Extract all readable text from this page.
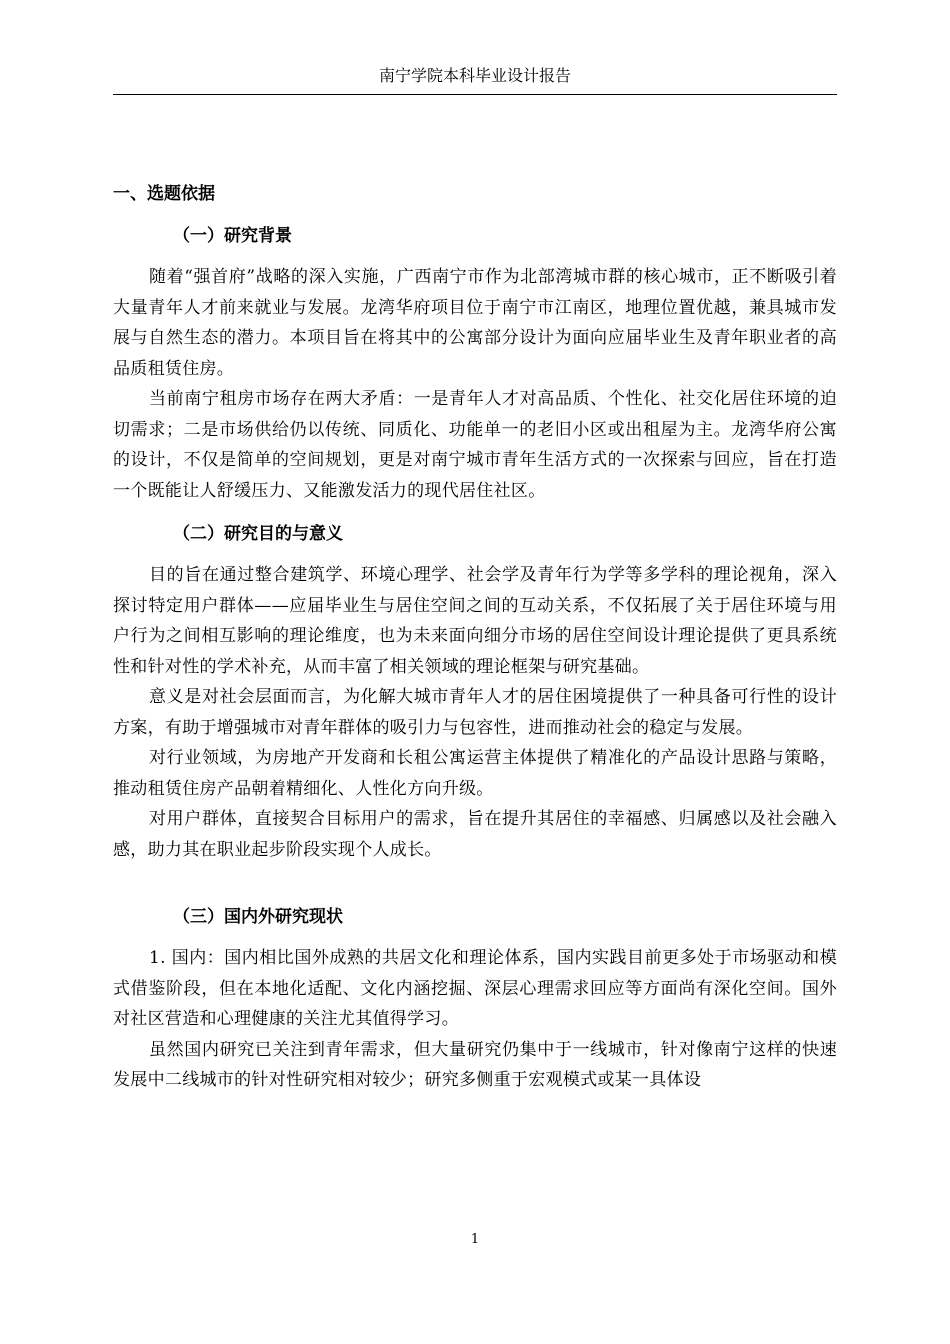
南宁学院本科毕业设计报告
一、选题依据
（一）研究背景

随着“强首府”战略的深入实施，广西南宁市作为北部湾城市群的核心城市，正不断吸引着大量青年人才前来就业与发展。龙湾华府项目位于南宁市江南区，地理位置优越，兼具城市发展与自然生态的潜力。本项目旨在将其中的公寓部分设计为面向应届毕业生及青年职业者的高品质租赁住房。

当前南宁租房市场存在两大矛盾：一是青年人才对高品质、个性化、社交化居住环境的迫切需求；二是市场供给仍以传统、同质化、功能单一的老旧小区或出租屋为主。龙湾华府公寓的设计，不仅是简单的空间规划，更是对南宁城市青年生活方式的一次探索与回应，旨在打造一个既能让人舒缓压力、又能激发活力的现代居住社区。

（二）研究目的与意义

目的旨在通过整合建筑学、环境心理学、社会学及青年行为学等多学科的理论视角，深入探讨特定用户群体——应届毕业生与居住空间之间的互动关系，不仅拓展了关于居住环境与用户行为之间相互影响的理论维度，也为未来面向细分市场的居住空间设计理论提供了更具系统性和针对性的学术补充，从而丰富了相关领域的理论框架与研究基础。

意义是对社会层面而言，为化解大城市青年人才的居住困境提供了一种具备可行性的设计方案，有助于增强城市对青年群体的吸引力与包容性，进而推动社会的稳定与发展。

对行业领域，为房地产开发商和长租公寓运营主体提供了精准化的产品设计思路与策略，推动租赁住房产品朝着精细化、人性化方向升级。

对用户群体，直接契合目标用户的需求，旨在提升其居住的幸福感、归属感以及社会融入感，助力其在职业起步阶段实现个人成长。

（三）国内外研究现状

1. 国内：国内相比国外成熟的共居文化和理论体系，国内实践目前更多处于市场驱动和模式借鉴阶段，但在本地化适配、文化内涵挖掘、深层心理需求回应等方面尚有深化空间。国外对社区营造和心理健康的关注尤其值得学习。

虽然国内研究已关注到青年需求，但大量研究仍集中于一线城市，针对像南宁这样的快速发展中二线城市的针对性研究相对较少；研究多侧重于宏观模式或某一具体设

1
